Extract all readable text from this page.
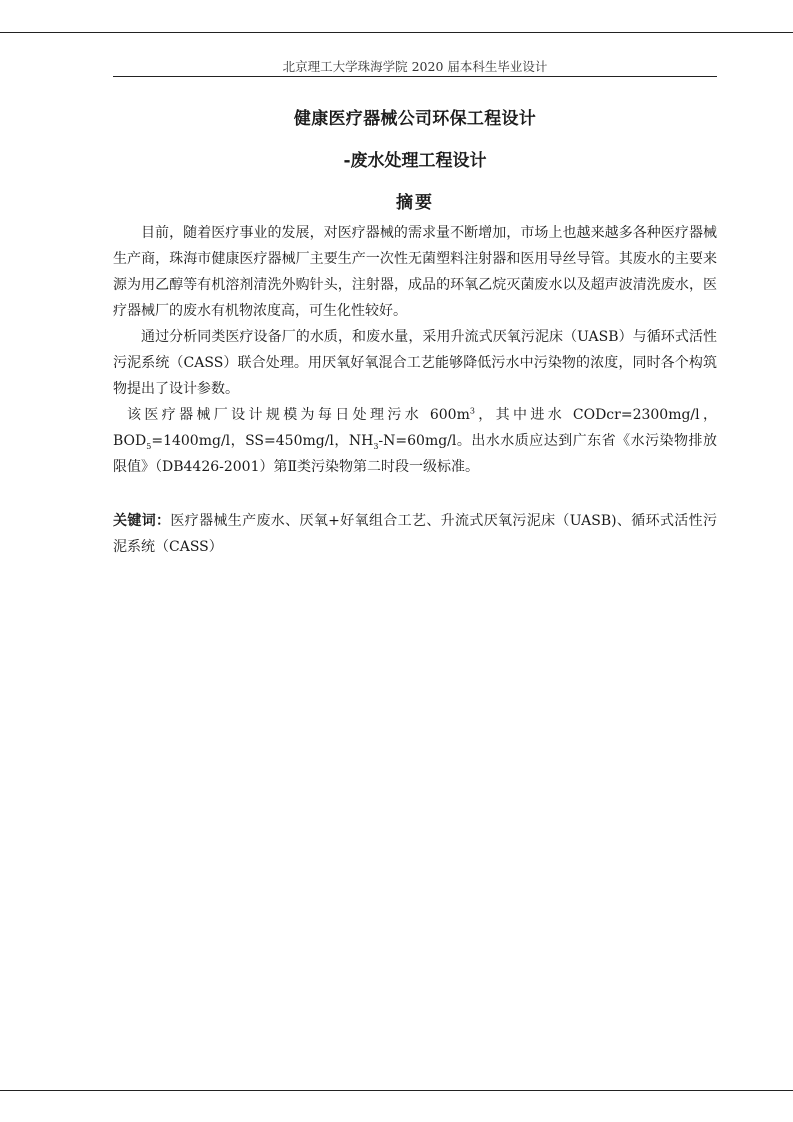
北京理工大学珠海学院 2020 届本科生毕业设计
健康医疗器械公司环保工程设计
-废水处理工程设计
摘要

目前，随着医疗事业的发展，对医疗器械的需求量不断增加，市场上也越来越多各种医疗器械生产商，珠海市健康医疗器械厂主要生产一次性无菌塑料注射器和医用导丝导管。其废水的主要来源为用乙醇等有机溶剂清洗外购针头，注射器，成品的环氧乙烷灭菌废水以及超声波清洗废水，医疗器械厂的废水有机物浓度高，可生化性较好。

通过分析同类医疗设备厂的水质，和废水量，采用升流式厌氧污泥床（UASB）与循环式活性污泥系统（CASS）联合处理。用厌氧好氧混合工艺能够降低污水中污染物的浓度，同时各个构筑物提出了设计参数。

该医疗器械厂设计规模为每日处理污水 $600m^3$，其中进水 CODcr=2300mg/l，$BOD_5=1400mg/l$，SS=450mg/l，$NH_3-N=60mg/l$。出水水质应达到广东省《水污染物排放限值》（DB4426-2001）第Ⅱ类污染物第二时段一级标准。

关键词：医疗器械生产废水、厌氧+好氧组合工艺、升流式厌氧污泥床（UASB)、循环式活性污泥系统（CASS）
